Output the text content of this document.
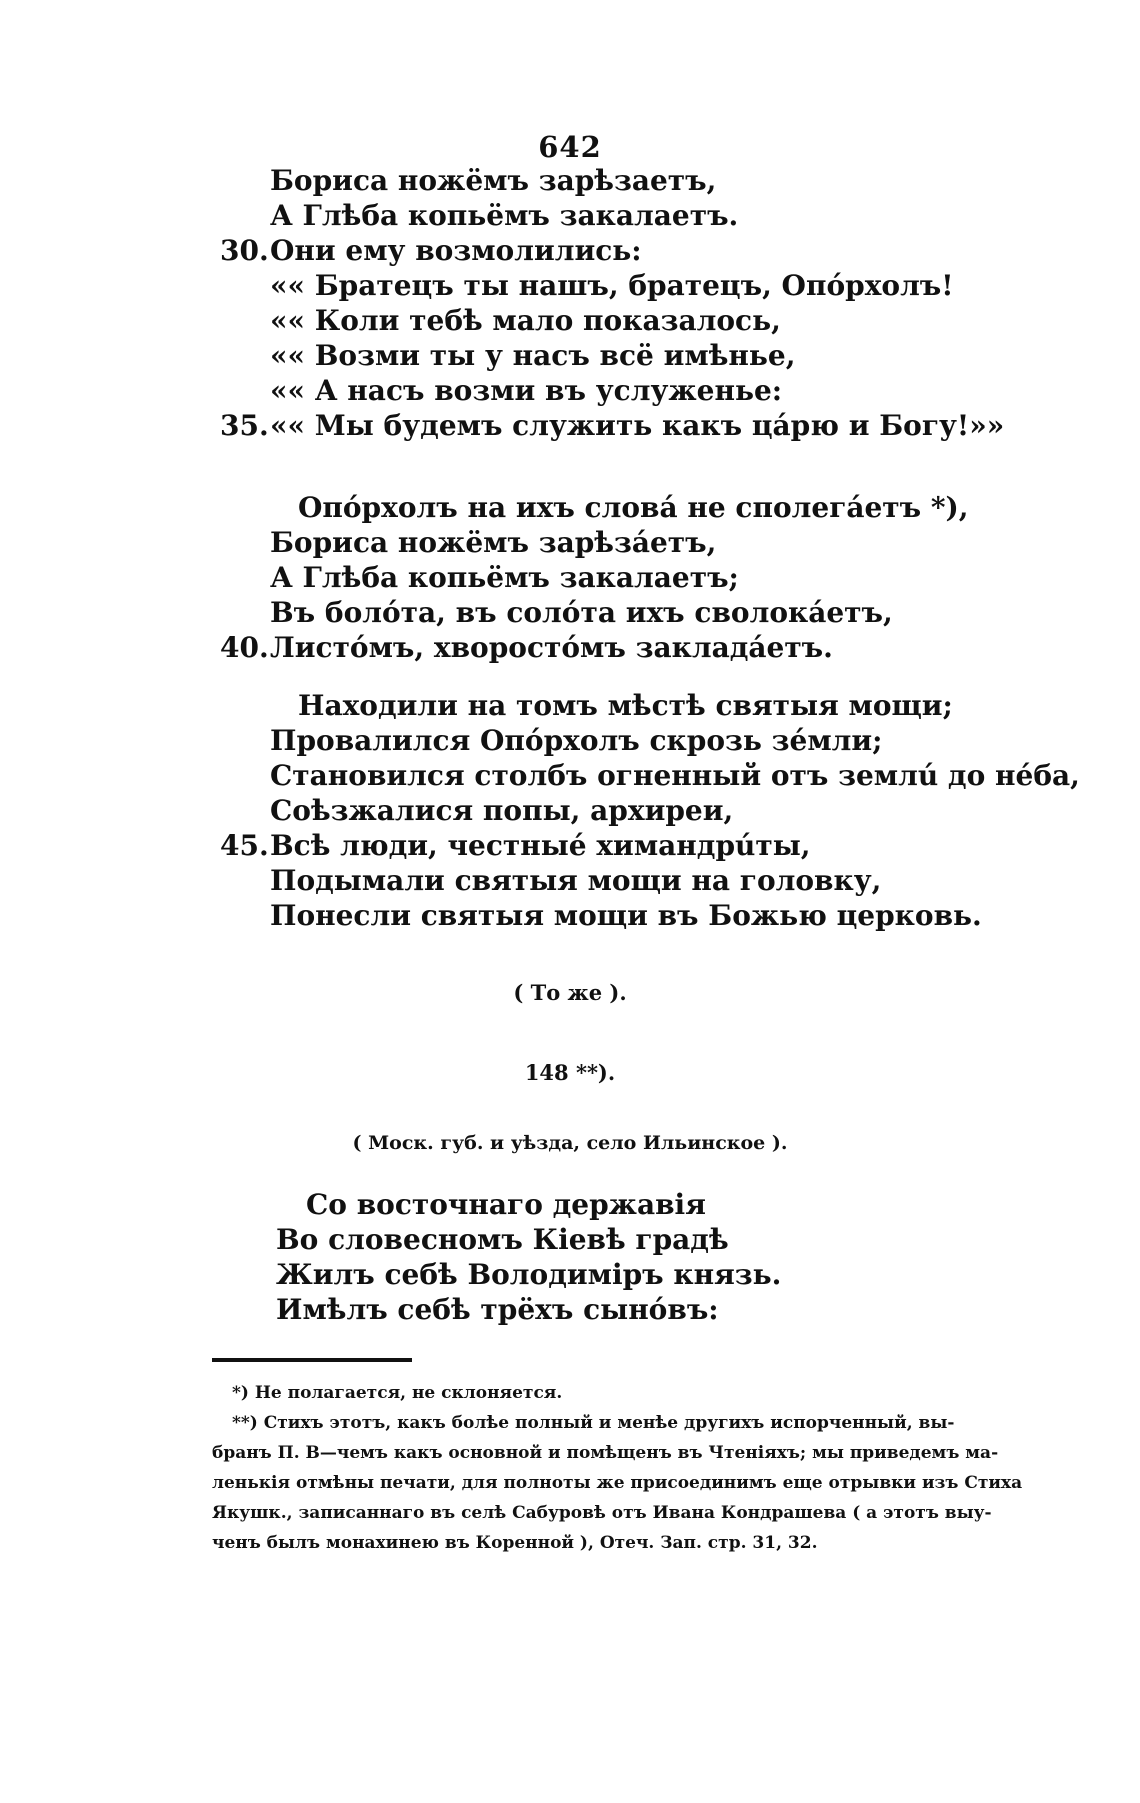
642
Бориса ножёмъ зарѣзаетъ,
А Глѣба копьёмъ закалаетъ.
30. Они ему возмолились:
«« Братецъ ты нашъ, братецъ, Опóрхолъ!
«« Коли тебѣ мало показалось,
«« Возми ты у насъ всё имѣнье,
«« А насъ возми въ услуженье:
35. «« Мы будемъ служить какъ цáрю и Богу!»»
Опóрхолъ на ихъ словá не сполегáетъ *),
Бориса ножёмъ зарѣзáетъ,
А Глѣба копьёмъ закалаетъ;
Въ болóта, въ солóта ихъ сволокáетъ,
40. Листóмъ, хворостóмъ закладáетъ.
Находили на томъ мѣстѣ святыя мощи;
Провалился Опóрхолъ скрозь зéмли;
Становился столбъ огненный отъ землú до нéба,
Соѣзжалися попы, архиреи,
45. Всѣ люди, честныé химандрúты,
Подымали святыя мощи на головку,
Понесли святыя мощи въ Божью церковь.
( То же ).
148 **).
( Моск. губ. и уѣзда, село Ильинское ).
Со восточнаго державія
Во словесномъ Кіевѣ градѣ
Жилъ себѣ Володимiръ князь.
Имѣлъ себѣ трёхъ сынóвъ:
*) Не полагается, не склоняется.
**) Стихъ этотъ, какъ болѣе полный и менѣе другихъ испорченный, вы-
бранъ П. В—чемъ какъ основной и помѣщенъ въ Чтеніяхъ; мы приведемъ ма-
ленькія отмѣны печати, для полноты же присоединимъ еще отрывки изъ Стиха
Якушк., записаннаго въ селѣ Сабуровѣ отъ Ивана Кондрашева ( а этотъ выу-
ченъ былъ монахинею въ Коренной ), Отеч. Зап. стр. 31, 32.
